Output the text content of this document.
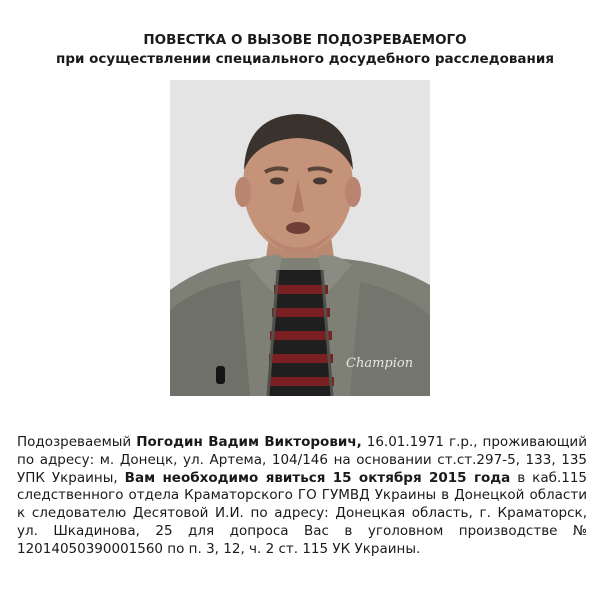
ПОВЕСТКА О ВЫЗОВЕ ПОДОЗРЕВАЕМОГО
при осуществлении специального досудебного расследования
Champion

Подозреваемый Погодин Вадим Викторович, 16.01.1971 г.р., проживающий по адресу: м. Донецк, ул. Артема, 104/146 на основании ст.ст.297-5, 133, 135 УПК Украины, Вам необходимо явиться 15 октября 2015 года в каб.115 следственного отдела Краматорского ГО ГУМВД Украины в Донецкой области к следователю Десятовой И.И. по адресу: Донецкая область, г. Краматорск, ул. Шкадинова, 25 для допроса Вас в уголовном производстве № 12014050390001560 по п. 3, 12, ч. 2 ст. 115 УК Украины.
